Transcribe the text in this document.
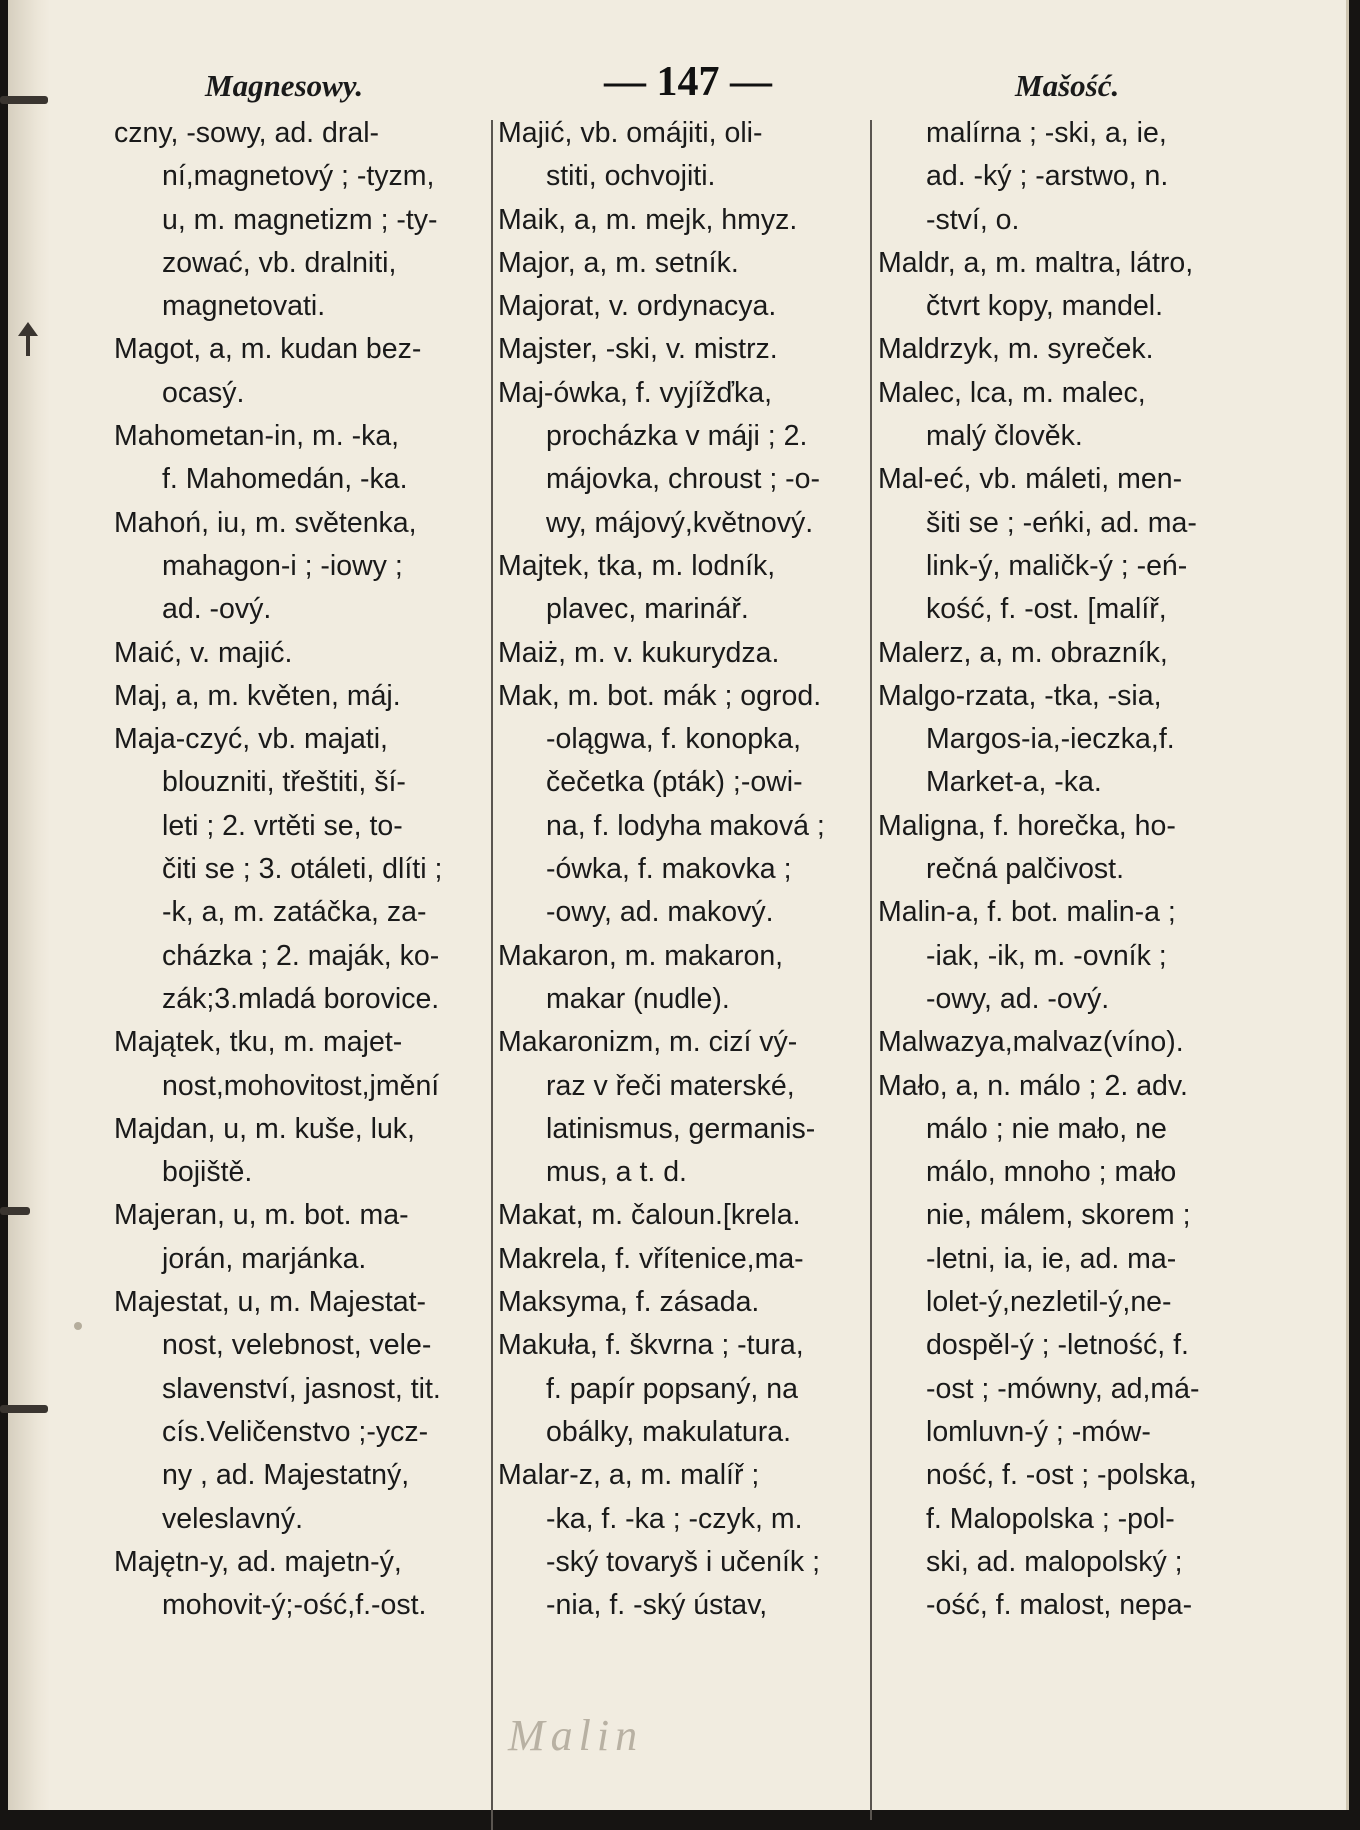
Magnesowy.	— 147 —	Mašość.
czny, -sowy, ad. dral-
ní,magnetový ; -tyzm,
u, m. magnetizm ; -ty-
zować, vb. dralniti,
magnetovati.
Magot, a, m. kudan bez-
ocasý.
Mahometan-in, m. -ka,
f. Mahomedán, -ka.
Mahoń, iu, m. světenka,
mahagon-i ; -iowy ;
ad. -ový.
Maić, v. majić.
Maj, a, m. květen, máj.
Maja-czyć, vb. majati,
blouzniti, třeštiti, ší-
leti ; 2. vrtěti se, to-
čiti se ; 3. otáleti, dlíti ;
-k, a, m. zatáčka, za-
cházka ; 2. maják, ko-
zák;3.mladá borovice.
Majątek, tku, m. majet-
nost,mohovitost,jmění
Majdan, u, m. kuše, luk,
bojiště.
Majeran, u, m. bot. ma-
jorán, marjánka.
Majestat, u, m. Majestat-
nost, velebnost, vele-
slavenství, jasnost, tit.
cís.Veličenstvo ;-ycz-
ny , ad. Majestatný,
veleslavný.
Majętn-y, ad. majetn-ý,
mohovit-ý;-ość,f.-ost.
Majić, vb. omájiti, oli-
stiti, ochvojiti.
Maik, a, m. mejk, hmyz.
Major, a, m. setník.
Majorat, v. ordynacya.
Majster, -ski, v. mistrz.
Maj-ówka, f. vyjížďka,
procházka v máji ; 2.
májovka, chroust ; -o-
wy, májový,květnový.
Majtek, tka, m. lodník,
plavec, marinář.
Maiż, m. v. kukurydza.
Mak, m. bot. mák ; ogrod.
-olągwa, f. konopka,
čečetka (pták) ;-owi-
na, f. lodyha maková ;
-ówka, f. makovka ;
-owy, ad. makový.
Makaron, m. makaron,
makar (nudle).
Makaronizm, m. cizí vý-
raz v řeči materské,
latinismus, germanis-
mus, a t. d.
Makat, m. čaloun.[krela.
Makrela, f. vřítenice,ma-
Maksyma, f. zásada.
Makuła, f. škvrna ; -tura,
f. papír popsaný, na
obálky, makulatura.
Malar-z, a, m. malíř ;
-ka, f. -ka ; -czyk, m.
-ský tovaryš i učeník ;
-nia, f. -ský ústav,
malírna ; -ski, a, ie,
ad. -ký ; -arstwo, n.
-ství, o.
Maldr, a, m. maltra, látro,
čtvrt kopy, mandel.
Maldrzyk, m. syreček.
Malec, lca, m. malec,
malý člověk.
Mal-eć, vb. máleti, men-
šiti se ; -eńki, ad. ma-
link-ý, maličk-ý ; -eń-
kość, f. -ost. [malíř,
Malerz, a, m. obrazník,
Malgo-rzata, -tka, -sia,
Margos-ia,-ieczka,f.
Market-a, -ka.
Maligna, f. horečka, ho-
rečná palčivost.
Malin-a, f. bot. malin-a ;
-iak, -ik, m. -ovník ;
-owy, ad. -ový.
Malwazya,malvaz(víno).
Mało, a, n. málo ; 2. adv.
málo ; nie mało, ne
málo, mnoho ; mało
nie, málem, skorem ;
-letni, ia, ie, ad. ma-
lolet-ý,nezletil-ý,ne-
dospěl-ý ; -letność, f.
-ost ; -mówny, ad,má-
lomluvn-ý ; -mów-
ność, f. -ost ; -polska,
f. Malopolska ; -pol-
ski, ad. malopolský ;
-ość, f. malost, nepa-
Malin
